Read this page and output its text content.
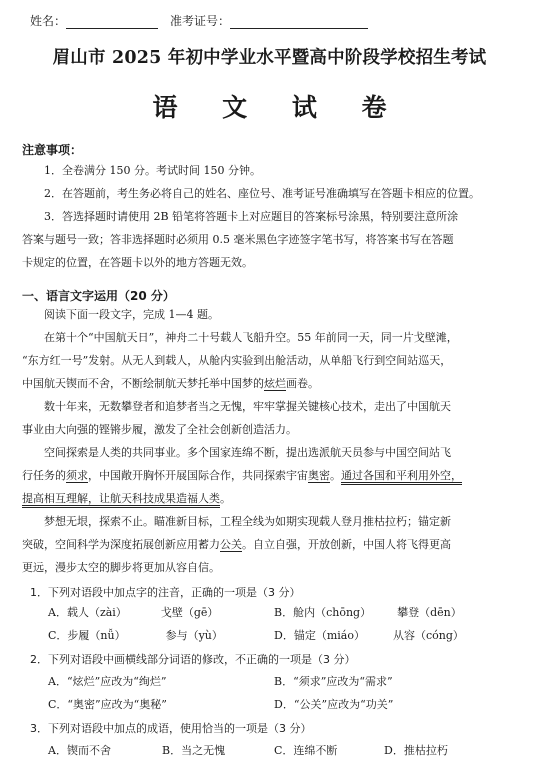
姓名：	准考证号：
眉山市 2025 年初中学业水平暨高中阶段学校招生考试
语 文 试 卷
注意事项：
1．全卷满分 150 分。考试时间 150 分钟。
2．在答题前，考生务必将自己的姓名、座位号、准考证号准确填写在答题卡相应的位置。
3．答选择题时请使用 2B 铅笔将答题卡上对应题目的答案标号涂黑，特别要注意所涂
答案与题号一致；答非选择题时必须用 0.5 毫米黑色字迹签字笔书写，将答案书写在答题
卡规定的位置，在答题卡以外的地方答题无效。
一、语言文字运用（20 分）
阅读下面一段文字，完成 1—4 题。
在第十个“中国航天日”，神舟二十号载人飞船升空。55 年前同一天，同一片戈壁滩，
“东方红一号”发射。从无人到载人，从舱内实验到出舱活动，从单船飞行到空间站巡天，
中国航天锲而不舍，不断绘制航天梦托举中国梦的炫烂画卷。
数十年来，无数攀登者和追梦者当之无愧，牢牢掌握关键核心技术，走出了中国航天
事业由大向强的铿锵步履，激发了全社会创新创造活力。
空间探索是人类的共同事业。多个国家连绵不断，提出选派航天员参与中国空间站飞
行任务的须求，中国敞开胸怀开展国际合作，共同探索宇宙奥密。通过各国和平利用外空，
提高相互理解，让航天科技成果造福人类。
梦想无垠，探索不止。瞄准新目标，工程全线为如期实现载人登月推枯拉朽；锚定新
突破，空间科学为深度拓展创新应用蓄力公关。自立自强，开放创新，中国人将飞得更高
更远，漫步太空的脚步将更加从容自信。
1．下列对语段中加点字的注音，正确的一项是（3 分）
A．载人（zài）	戈壁（gē）	B．舱内（chōng） 攀登（dēn）
C．步履（nǚ）	参与（yù）	D．锚定（miáo）	从容（cóng）
2．下列对语段中画横线部分词语的修改，不正确的一项是（3 分）
A．“炫烂”应改为“绚烂”	B．“须求”应改为“需求”
C．“奥密”应改为“奥秘”	D．“公关”应改为“功关”
3．下列对语段中加点的成语，使用恰当的一项是（3 分）
A．锲而不舍	B．当之无愧	C．连绵不断	D．推枯拉朽
